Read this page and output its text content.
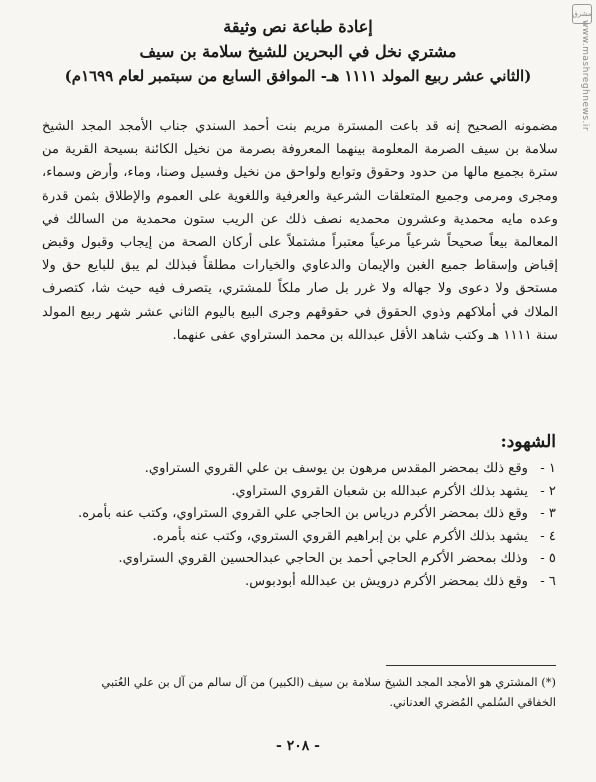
مشرق
www.mashreghnews.ir
إعادة طباعة نص وثيقة
مشتري نخل في البحرين للشيخ سلامة بن سيف
(الثاني عشر ربيع المولد ١١١١ هـ- الموافق السابع من سبتمبر لعام ١٦٩٩م)

مضمونه الصحيح إنه قد باعت المسترة مريم بنت أحمد السندي جناب الأمجد المجد الشيخ سلامة بن سيف الصرمة المعلومة بينهما المعروفة بصرمة من نخيل الكائنة بسيحة القرية من سترة بجميع مالها من حدود وحقوق وتوابع ولواحق من نخيل وفسيل وصنا، وماء، وأرض وسماء، ومجرى ومرمى وجميع المتعلقات الشرعية والعرفية واللغوية على العموم والإطلاق بثمن قدرة وعده مايه محمدية وعشرون محمديه نصف ذلك عن الريب ستون محمدية من السالك في المعالمة بيعاً صحيحاً شرعياً مرعياً معتبراً مشتملاً على أركان الصحة من إيجاب وقبول وقبض إقباض وإسقاط جميع الغبن والإيمان والدعاوي والخيارات مطلقاً فبذلك لم يبق للبايع حق ولا مستحق ولا دعوى ولا جهاله ولا غرر بل صار ملكاً للمشتري، يتصرف فيه حيث شا، كتصرف الملاك في أملاكهم وذوي الحقوق في حقوقهم وجرى البيع باليوم الثاني عشر شهر ربيع المولد سنة ١١١١ هـ وكتب شاهد الأقل عبدالله بن محمد الستراوي عفى عنهما.

الشهود:
١ -
وقع ذلك بمحضر المقدس مرهون بن يوسف بن علي القروي الستراوي.
٢ -
يشهد بذلك الأكرم عبدالله بن شعبان القروي الستراوي.
٣ -
وقع ذلك بمحضر الأكرم درياس بن الحاجي علي القروي الستراوي، وكتب عنه بأمره.
٤ -
يشهد بذلك الأكرم علي بن إبراهيم القروي الستروي، وكتب عنه بأمره.
٥ -
وذلك بمحضر الأكرم الحاجي أحمد بن الحاجي عبدالحسين القروي الستراوي.
٦ -
وقع ذلك بمحضر الأكرم درويش بن عبدالله أبودبوس.
(*) المشتري هو الأمجد المجد الشيخ سلامة بن سيف (الكبير) من آل سالم من آل بن علي العُتبي الخفاقي السُلمي المُضري العدناني.
- ٢٠٨ -
